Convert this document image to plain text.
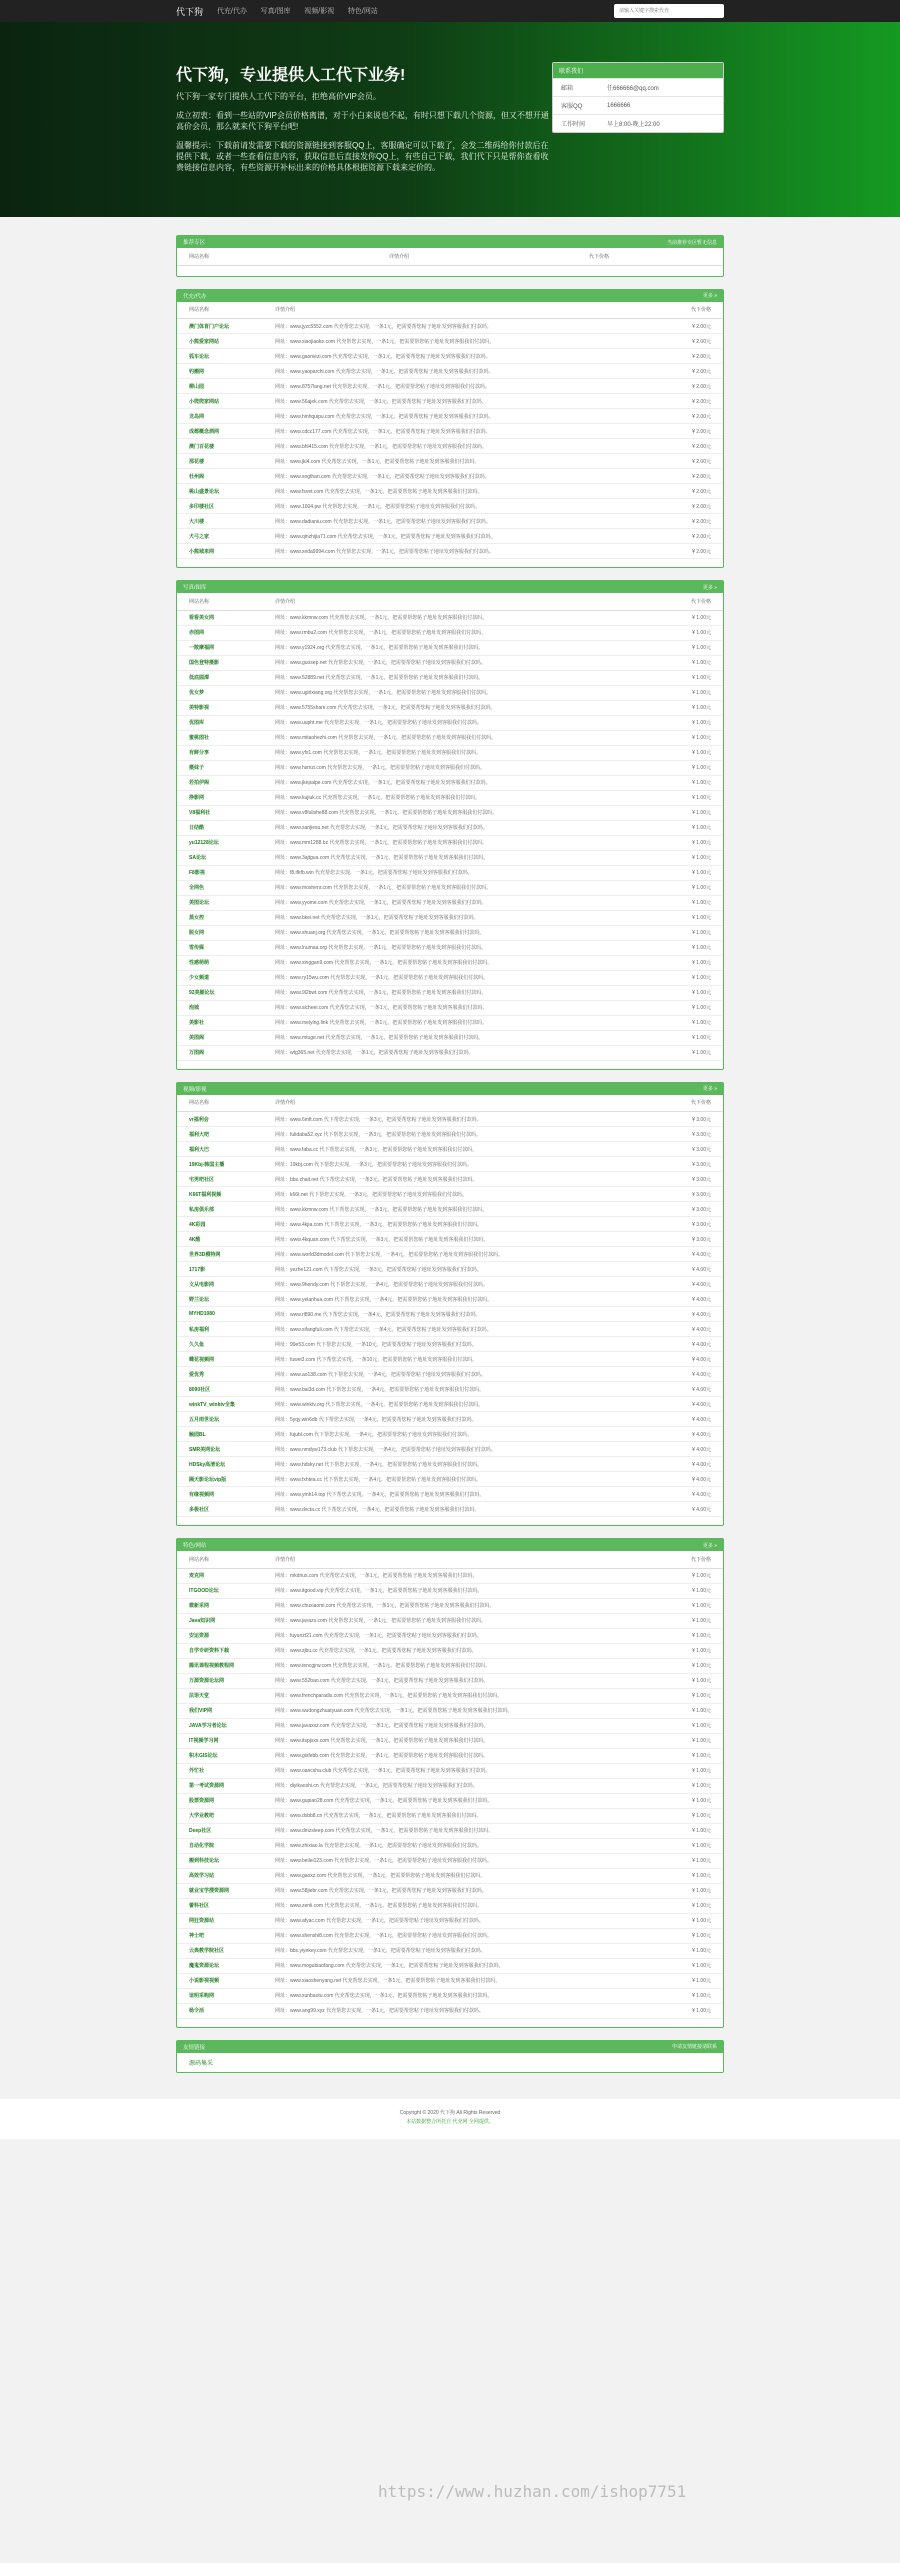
代下狗 代充/代办 写真/图库 视频/影视 特色/网站
请输入关键字搜索代充
代下狗，专业提供人工代下业务!

代下狗一家专门提供人工代下的平台，拒绝高价VIP会员。

成立初衷：看到一些站的VIP会员价格离谱，对于小白来说也不起，有时只想下载几个资源，但又不想开通高价会员，那么就来代下狗平台吧!

温馨提示：下载前请发需要下载的资源链接到客服QQ上，客服确定可以下载了，会发二维码给你付款后在提供下载，或者一些查看信息内容，获取信息后直接发你QQ上，有些自己下载，我们代下只是帮你查看收费链接信息内容，有些资源开补标出来的价格具体根据资源下载来定价的。

联系我们
邮箱	任666666@qq.com
客服QQ	1666666
工作时间	早上8:00-晚上22:00
推荐专区	当前推荐专区暂无信息
网站名称	详情介绍	代下价格
代充/代办	更多 »
网站名称	详情介绍	代下价格
澳门体育门户论坛	网址：www.jyzc5552.com 代充帮您去实现，一条1元，把需要帮您帖子地址发到客服我们付款吗。	¥ 2.00元
小熊爱家网站	网址：www.xiaojiaoke.com 代充帮您去实现，一条1元，把需要帮您帖子地址发到客服我们付款吗。	¥ 2.00元
狐车论坛	网址：www.gaoniezi.com 代充帮您去实现，一条1元，把需要帮您帖子地址发到客服我们付款吗。	¥ 2.00元
钓搬网	网址：www.yaoparchi.com 代充帮您去实现，一条1元，把需要帮您帖子地址发到客服我们付款吗。	¥ 2.00元
柳山园	网址：www.8757lang.net 代充帮您去实现，一条1元，把需要帮您帖子地址发到客服我们付款吗。	¥ 2.00元
小爬爬家网站	网址：www.56ajek.com 代充帮您去实现，一条1元，把需要帮您帖子地址发到客服我们付款吗。	¥ 2.00元
龙岛网	网址：www.hinhquipu.com 代充帮您去实现，一条1元，把需要帮您帖子地址发到客服我们付款吗。	¥ 2.00元
成都概念酒网	网址：www.cdcc177.com 代充帮您去实现，一条1元，把需要帮您帖子地址发到客服我们付款吗。	¥ 2.00元
澳门百花楼	网址：www.bhl415.com 代充帮您去实现，一条1元，把需要帮您帖子地址发到客服我们付款吗。	¥ 2.00元
那花楼	网址：www.jkl4.com 代充帮您去实现，一条1元，把需要帮您帖子地址发到客服我们付款吗。	¥ 2.00元
杜州阁	网址：www.sogthan.com 代充帮您去实现，一条1元，把需要帮您帖子地址发到客服我们付款吗。	¥ 2.00元
桃山盛景论坛	网址：www.fsvet.com 代充帮您去实现，一条1元，把需要帮您帖子地址发到客服我们付款吗。	¥ 2.00元
多印楼社区	网址：www.1604.pw 代充帮您去实现，一条1元，把需要帮您帖子地址发到客服我们付款吗。	¥ 2.00元
大川楼	网址：www.dadianiu.com 代充帮您去实现，一条1元，把需要帮您帖子地址发到客服我们付款吗。	¥ 2.00元
犬弓之家	网址：www.qinzhijia71.com 代充帮您去实现，一条1元，把需要帮您帖子地址发到客服我们付款吗。	¥ 2.00元
小熊城来网	网址：www.xeda9994.com 代充帮您去实现，一条1元，把需要帮您帖子地址发到客服我们付款吗。	¥ 2.00元
写真/图库	更多 »
网站名称	详情介绍	代下价格
看看美女网	网址：www.kkmnw.com 代充帮您去实现，一条1元，把需要帮您帖子地址发到客服我们付款吗。	¥ 1.00元
赤图网	网址：www.rmbu2.com 代充帮您去实现，一条1元，把需要帮您帖子地址发到客服我们付款吗。	¥ 1.00元
一散摩福网	网址：www.y1924.org 代充帮您去实现，一条1元，把需要帮您帖子地址发到客服我们付款吗。	¥ 1.00元
国色登特摄影	网址：www.guosep.net 代充帮您去实现，一条1元，把需要帮您帖子地址发到客服我们付款吗。	¥ 1.00元
低底圆潭	网址：www.52889.net 代充帮您去实现，一条1元，把需要帮您帖子地址发到客服我们付款吗。	¥ 1.00元
优女梦	网址：www.ugirlxiang.org 代充帮您去实现，一条1元，把需要帮您帖子地址发到客服我们付款吗。	¥ 1.00元
美特影视	网址：www.5755share.com 代充帮您去实现，一条1元，把需要帮您帖子地址发到客服我们付款吗。	¥ 1.00元
优图库	网址：www.uupht.me 代充帮您去实现，一条1元，把需要帮您帖子地址发到客服我们付款吗。	¥ 1.00元
蜜桃图社	网址：www.mitaohezhi.com 代充帮您去实现，一条1元，把需要帮您帖子地址发到客服我们付款吗。	¥ 1.00元
有鲜分享	网址：www.yfx1.com 代充帮您去实现，一条1元，把需要帮您帖子地址发到客服我们付款吗。	¥ 1.00元
摄妹子	网址：www.hsmzi.com 代充帮您去实现，一条1元，把需要帮您帖子地址发到客服我们付款吗。	¥ 1.00元
若拍伊阁	网址：www.jkepaipe.com 代充帮您去实现，一条1元，把需要帮您帖子地址发到客服我们付款吗。	¥ 1.00元
挣影网	网址：www.kujiuk.cc 代充帮您去实现，一条1元，把需要帮您帖子地址发到客服我们付款吗。	¥ 1.00元
V8福利社	网址：www.v8fulishe88.com 代充帮您去实现，一条1元，把需要帮您帖子地址发到客服我们付款吗。	¥ 1.00元
日结酷	网址：www.sanjiesu.net 代充帮您去实现，一条1元，把需要帮您帖子地址发到客服我们付款吗。	¥ 1.00元
yu12128论坛	网址：www.mm1288.bz 代充帮您去实现，一条1元，把需要帮您帖子地址发到客服我们付款吗。	¥ 1.00元
SA论坛	网址：www.3ajtgua.com 代充帮您去实现，一条1元，把需要帮您帖子地址发到客服我们付款吗。	¥ 1.00元
F8影视	网址：f8.ifkfb.win 代充帮您去实现，一条1元，把需要帮您帖子地址发到客服我们付款吗。	¥ 1.00元
全网色	网址：www.moshenr.com 代充帮您去实现，一条1元，把需要帮您帖子地址发到客服我们付款吗。	¥ 1.00元
美图论坛	网址：www.yyome.com 代充帮您去实现，一条1元，把需要帮您帖子地址发到客服我们付款吗。	¥ 1.00元
蒸女控	网址：www.bkei.net 代充帮您去实现，一条1元，把需要帮您帖子地址发到客服我们付款吗。	¥ 1.00元
脱女网	网址：www.shuanj.org 代充帮您去实现，一条1元，把需要帮您帖子地址发到客服我们付款吗。	¥ 1.00元
雪传媒	网址：www.lnumaa.org 代充帮您去实现，一条1元，把需要帮您帖子地址发到客服我们付款吗。	¥ 1.00元
性感萌萌	网址：www.xinggan9.com 代充帮您去实现，一条1元，把需要帮您帖子地址发到客服我们付款吗。	¥ 1.00元
少女频道	网址：www.ry15wu.com 代充帮您去实现，一条1元，把需要帮您帖子地址发到客服我们付款吗。	¥ 1.00元
92美腿论坛	网址：www.9l2bwt.com 代充帮您去实现，一条1元，把需要帮您帖子地址发到客服我们付款吗。	¥ 1.00元
泡城	网址：www.sicheei.com 代充帮您去实现，一条1元，把需要帮您帖子地址发到客服我们付款吗。	¥ 1.00元
美影社	网址：www.meiying.link 代充帮您去实现，一条1元，把需要帮您帖子地址发到客服我们付款吗。	¥ 1.00元
美图阁	网址：www.mtuge.net 代充帮您去实现，一条1元，把需要帮您帖子地址发到客服我们付款吗。	¥ 1.00元
万图阁	网址：wtg365.net 代充帮您去实现，一条1元，把需要帮您帖子地址发到客服我们付款吗。	¥ 1.00元
视频/影视	更多 »
网站名称	详情介绍	代下价格
vr福利会	网址：www.6mft.com 代下帮您去实现，一条3元，把需要帮您帖子地址发到客服我们付款吗。	¥ 3.00元
福利大吧	网址：fulidaba52.xyz 代下帮您去实现，一条3元，把需要帮您帖子地址发到客服我们付款吗。	¥ 3.00元
福利大巴	网址：www.faba.cc 代下帮您去实现，一条3元，把需要帮您帖子地址发到客服我们付款吗。	¥ 3.00元
19Kbj-韩国主播	网址：19kbj.com 代下帮您去实现，一条3元，把需要帮您帖子地址发到客服我们付款吗。	¥ 3.00元
宅男吧社区	网址：bbs.zhait.net 代下帮您去实现，一条3元，把需要帮您帖子地址发到客服我们付款吗。	¥ 3.00元
K66T福利视频	网址：k66t.net 代下帮您去实现，一条3元，把需要帮您帖子地址发到客服我们付款吗。	¥ 3.00元
私房俱乐部	网址：www.kkmnw.com 代下帮您去实现，一条3元，把需要帮您帖子地址发到客服我们付款吗。	¥ 3.00元
4K彩园	网址：www.4kjia.com 代下帮您去实现，一条3元，把需要帮您帖子地址发到客服我们付款吗。	¥ 3.00元
4K酷	网址：www.4kquan.com 代下帮您去实现，一条3元，把需要帮您帖子地址发到客服我们付款吗。	¥ 3.00元
世界3D模特网	网址：www.world3dmodel.com 代下帮您去实现，一条4元，把需要帮您帖子地址发到客服我们付款吗。	¥ 4.00元
1717影	网址：yezhe121.com 代下帮您去实现，一条3元，把需要帮您帖子地址发到客服我们付款吗。	¥ 4.00元
文从电影网	网址：www.9hendy.com 代下帮您去实现，一条4元，把需要帮您帖子地址发到客服我们付款吗。	¥ 4.00元
野兰论坛	网址：www.yelanhua.com 代下帮您去实现，一条4元，把需要帮您帖子地址发到客服我们付款吗。	¥ 4.00元
MYHD1080	网址：www.rl890.me 代下帮您去实现，一条4元，把需要帮您帖子地址发到客服我们付款吗。	¥ 4.00元
私房福利	网址：www.sifangfuli.com 代下帮您去实现，一条4元，把需要帮您帖子地址发到客服我们付款吗。	¥ 4.00元
久久鱼	网址：99e53.com 代下帮您去实现，一条10元，把需要帮您帖子地址发到客服我们付款吗。	¥ 4.00元
蝶花视频网	网址：fuwei3.com 代下帮您去实现，一条10元，把需要帮您帖子地址发到客服我们付款吗。	¥ 4.00元
爱优秀	网址：www.ao138.com 代下帮您去实现，一条4元，把需要帮您帖子地址发到客服我们付款吗。	¥ 4.00元
8090社区	网址：www.bai3d.com 代下帮您去实现，一条4元，把需要帮您帖子地址发到客服我们付款吗。	¥ 4.00元
winkTV_winktv全集	网址：www.winktv.org 代下帮您去实现，一条4元，把需要帮您帖子地址发到客服我们付款吗。	¥ 4.00元
五月雨世论坛	网址：5yqy.win6db 代下帮您去实现，一条4元，把需要帮您帖子地址发到客服我们付款吗。	¥ 4.00元
触园BL	网址：fujubl.com 代下帮您去实现，一条4元，把需要帮您帖子地址发到客服我们付款吗。	¥ 4.00元
SMR美网论坛	网址：www.nmdyw173.club 代下帮您去实现，一条4元，把需要帮您帖子地址发到客服我们付款吗。	¥ 4.00元
HDSky高清论坛	网址：www.hdsky.net 代下帮您去实现，一条4元，把需要帮您帖子地址发到客服我们付款吗。	¥ 4.00元
隔天影论坛vip版	网址：www.fxhtea.cc 代下帮您去实现，一条4元，把需要帮您帖子地址发到客服我们付款吗。	¥ 4.00元
有缘视频网	网址：www.ymh14.top 代下帮您去实现，一条4元，把需要帮您帖子地址发到客服我们付款吗。	¥ 4.00元
多极社区	网址：www.dxcta.cc 代下帮您去实现，一条4元，把需要帮您帖子地址发到客服我们付款吗。	¥ 4.00元
特色/网站	更多 »
网站名称	详情介绍	代下价格
麦克网	网址：mkdnus.com 代充帮您去实现，一条1元，把需要帮您帖子地址发到客服我们付款吗。	¥ 1.00元
ITGOOD论坛	网址：www.itgood.vip 代充帮您去实现，一条1元，把需要帮您帖子地址发到客服我们付款吗。	¥ 1.00元
微新采网	网址：www.chuxiaomi.com 代充帮您去实现，一条1元，把需要帮您帖子地址发到客服我们付款吗。	¥ 1.00元
Java知识网	网址：www.javazs.com 代充帮您去实现，一条1元，把需要帮您帖子地址发到客服我们付款吗。	¥ 1.00元
安运资源	网址：fuyunzt21.com 代充帮您去实现，一条1元，把需要帮您帖子地址发到客服我们付款吗。	¥ 1.00元
自学专研资料下载	网址：www.zjbu.cc 代充帮您去实现，一条1元，把需要帮您帖子地址发到客服我们付款吗。	¥ 1.00元
腾讯课程视频教程网	网址：www.tencgjrw.com 代充帮您去实现，一条1元，把需要帮您帖子地址发到客服我们付款吗。	¥ 1.00元
万源资源论坛网	网址：www.552bao.com 代充帮您去实现，一条1元，把需要帮您帖子地址发到客服我们付款吗。	¥ 1.00元
法语天堂	网址：www.frenchparadis.com 代充帮您去实现，一条1元，把需要帮您帖子地址发到客服我们付款吗。	¥ 1.00元
我们VIP网	网址：www.wudongzhuatyuan.com 代充帮您去实现，一条1元，把需要帮您帖子地址发到客服我们付款吗。	¥ 1.00元
JAVA学习者论坛	网址：www.javaxxz.com 代充帮您去实现，一条1元，把需要帮您帖子地址发到客服我们付款吗。	¥ 1.00元
IT视频学习网	网址：www.itspjsxx.com 代充帮您去实现，一条1元，把需要帮您帖子地址发到客服我们付款吗。	¥ 1.00元
积木GIS论坛	网址：www.gisfebb.com 代充帮您去实现，一条1元，把需要帮您帖子地址发到客服我们付款吗。	¥ 1.00元
外忙社	网址：www.oancsha.club 代充帮您去实现，一条1元，把需要帮您帖子地址发到客服我们付款吗。	¥ 1.00元
第一考试资源网	网址：diyikaoshi.cn 代充帮您去实现，一条1元，把需要帮您帖子地址发到客服我们付款吗。	¥ 1.00元
股票资源网	网址：www.gupiao28.com 代充帮您去实现，一条1元，把需要帮您帖子地址发到客服我们付款吗。	¥ 1.00元
大学业教吧	网址：www.dxbb8.cn 代充帮您去实现，一条1元，把需要帮您帖子地址发到客服我们付款吗。	¥ 1.00元
Deep社区	网址：www.dmzsleep.com 代充帮您去实现，一条1元，把需要帮您帖子地址发到客服我们付款吗。	¥ 1.00元
自动化学院	网址：www.zhixiao.la 代充帮您去实现，一条1元，把需要帮您帖子地址发到客服我们付款吗。	¥ 1.00元
搬到科技论坛	网址：www.beilei123.com 代充帮您去实现，一条1元，把需要帮您帖子地址发到客服我们付款吗。	¥ 1.00元
高效学习站	网址：www.gaoxz.com 代充帮您去实现，一条1元，把需要帮您帖子地址发到客服我们付款吗。	¥ 1.00元
就业宝学搜资源网	网址：www.58jiebr.com 代充帮您去实现，一条1元，把需要帮您帖子地址发到客服我们付款吗。	¥ 1.00元
蕾科社区	网址：www.zenli.com 代充帮您去实现，一条1元，把需要帮您帖子地址发到客服我们付款吗。	¥ 1.00元
网狂资源站	网址：www.afyac.com 代充帮您去实现，一条1元，把需要帮您帖子地址发到客服我们付款吗。	¥ 1.00元
神士吧	网址：www.shenshi8.com 代充帮您去实现，一条1元，把需要帮您帖子地址发到客服我们付款吗。	¥ 1.00元
云典教学院社区	网址：bbs.yiyekey.com 代充帮您去实现，一条1元，把需要帮您帖子地址发到客服我们付款吗。	¥ 1.00元
魔鬼资源论坛	网址：www.mogubiaofang.com 代充帮您去实现，一条1元，把需要帮您帖子地址发到客服我们付款吗。	¥ 1.00元
小说影视视频	网址：www.xiaoshenyang.net 代充帮您去实现，一条1元，把需要帮您帖子地址发到客服我们付款吗。	¥ 1.00元
谊明采购网	网址：www.xunbaotu.com 代充帮您去实现，一条1元，把需要帮您帖子地址发到客服我们付款吗。	¥ 1.00元
杨令活	网址：www.ang99.xyz 代充帮您去实现，一条1元，把需要帮您帖子地址发到客服我们付款吗。	¥ 1.00元
友情链接	申请友情链接请联系
源码集采
Copyright © 2020 代下狗 All Rights Reserved
本站数据整合所托自 代充网 全网提供。
https://www.huzhan.com/ishop7751
